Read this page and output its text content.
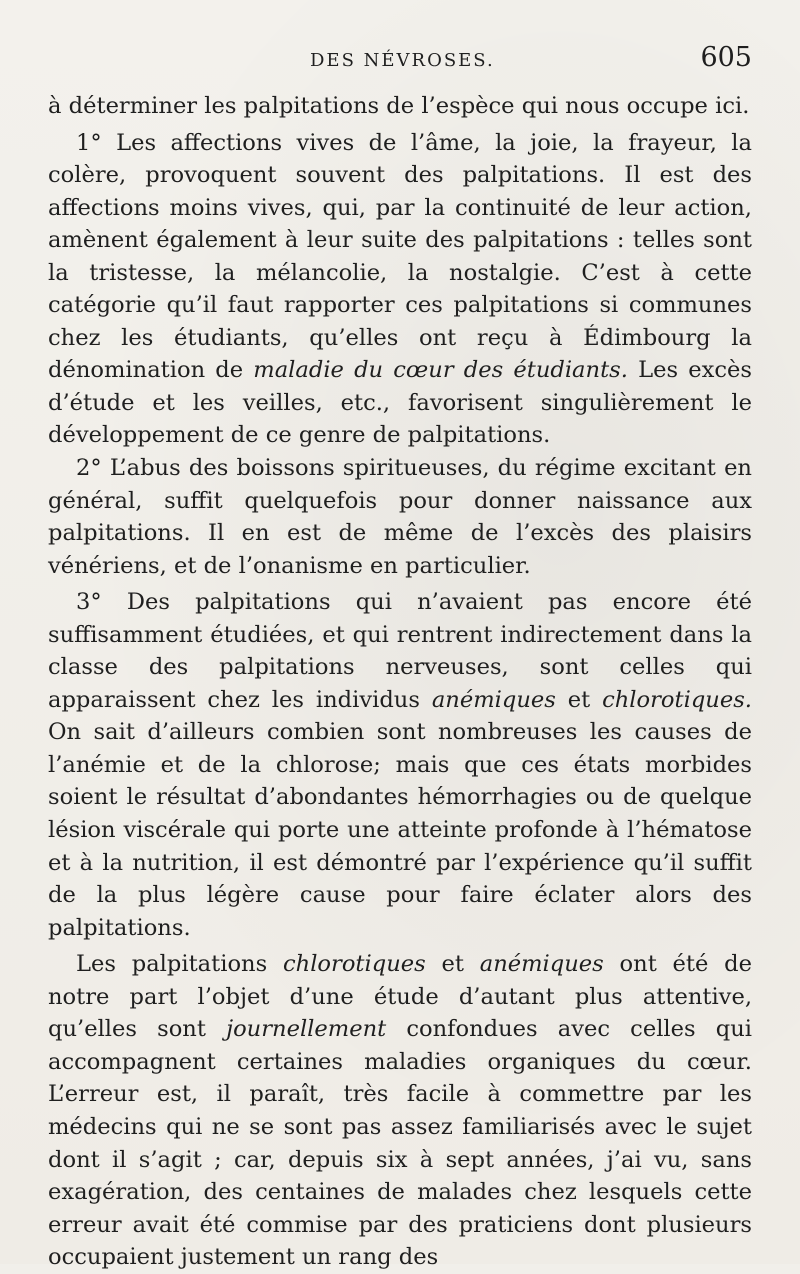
DES NÉVROSES.	605

à déterminer les palpitations de l’espèce qui nous occupe ici.

1° Les affections vives de l’âme, la joie, la frayeur, la colère, provoquent souvent des palpitations. Il est des affections moins vives, qui, par la continuité de leur action, amènent également à leur suite des palpitations : telles sont la tristesse, la mélancolie, la nostalgie. C’est à cette catégorie qu’il faut rapporter ces palpitations si communes chez les étudiants, qu’elles ont reçu à Édimbourg la dénomination de maladie du cœur des étudiants. Les excès d’étude et les veilles, etc., favorisent singulièrement le développement de ce genre de palpitations.

2° L’abus des boissons spiritueuses, du régime excitant en général, suffit quelquefois pour donner naissance aux palpitations. Il en est de même de l’excès des plaisirs vénériens, et de l’onanisme en particulier.

3° Des palpitations qui n’avaient pas encore été suffisamment étudiées, et qui rentrent indirectement dans la classe des palpitations nerveuses, sont celles qui apparaissent chez les individus anémiques et chlorotiques. On sait d’ailleurs combien sont nombreuses les causes de l’anémie et de la chlorose; mais que ces états morbides soient le résultat d’abondantes hémorrhagies ou de quelque lésion viscérale qui porte une atteinte profonde à l’hématose et à la nutrition, il est démontré par l’expérience qu’il suffit de la plus légère cause pour faire éclater alors des palpitations.

Les palpitations chlorotiques et anémiques ont été de notre part l’objet d’une étude d’autant plus attentive, qu’elles sont journellement confondues avec celles qui accompagnent certaines maladies organiques du cœur. L’erreur est, il paraît, très facile à commettre par les médecins qui ne se sont pas assez familiarisés avec le sujet dont il s’agit ; car, depuis six à sept années, j’ai vu, sans exagération, des centaines de malades chez lesquels cette erreur avait été commise par des praticiens dont plusieurs occupaient justement un rang des
